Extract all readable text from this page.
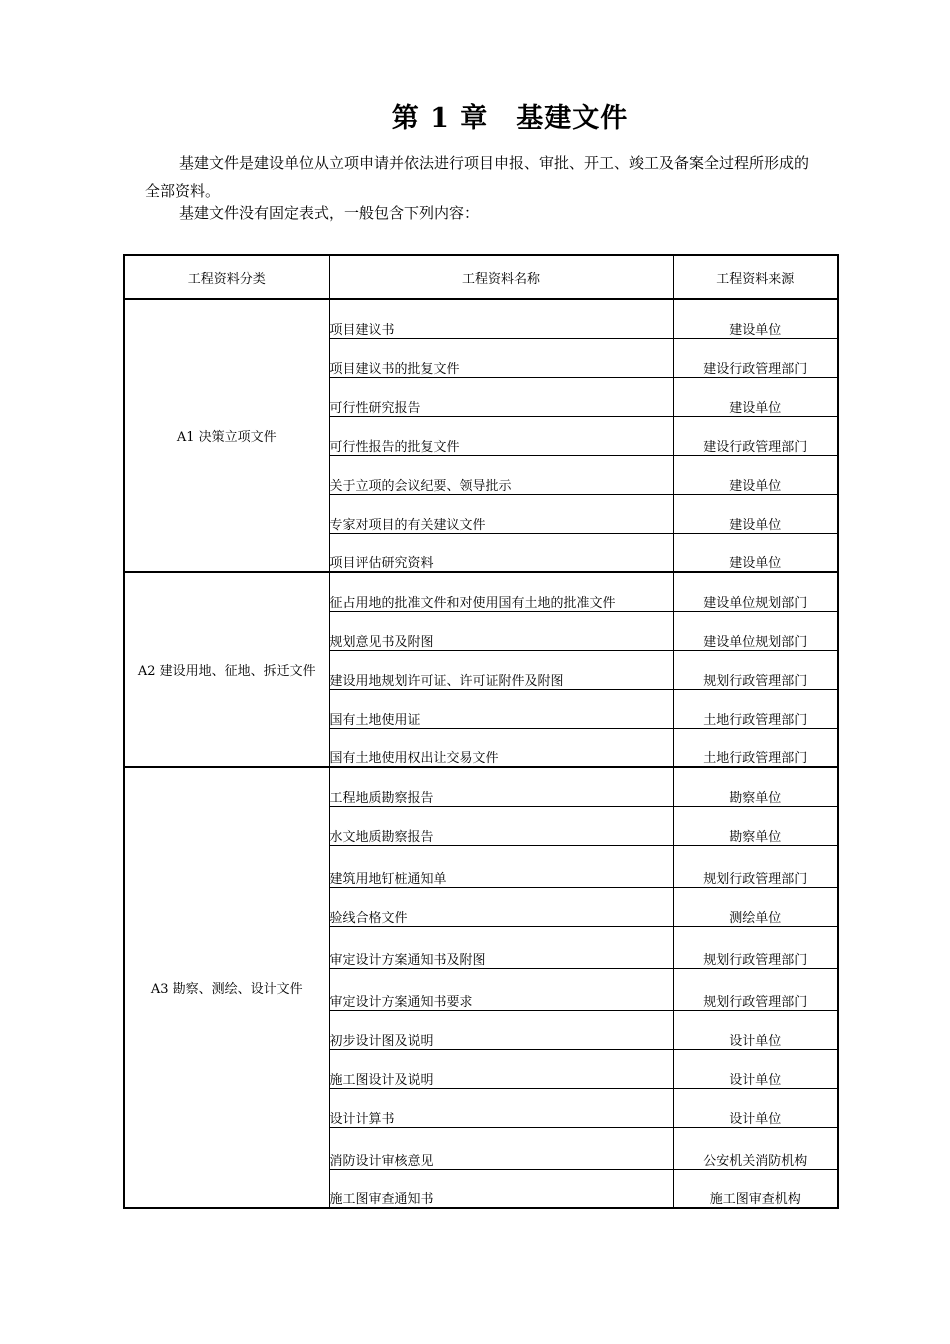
第 1 章 基建文件
基建文件是建设单位从立项申请并依法进行项目申报、审批、开工、竣工及备案全过程所形成的全部资料。
基建文件没有固定表式，一般包含下列内容：
工程资料分类	工程资料名称	工程资料来源
A1 决策立项文件	项目建议书	建设单位
	项目建议书的批复文件	建设行政管理部门
	可行性研究报告	建设单位
	可行性报告的批复文件	建设行政管理部门
	关于立项的会议纪要、领导批示	建设单位
	专家对项目的有关建议文件	建设单位
	项目评估研究资料	建设单位
A2 建设用地、征地、拆迁文件	征占用地的批准文件和对使用国有土地的批准文件	建设单位规划部门
	规划意见书及附图	建设单位规划部门
	建设用地规划许可证、许可证附件及附图	规划行政管理部门
	国有土地使用证	土地行政管理部门
	国有土地使用权出让交易文件	土地行政管理部门
A3 勘察、测绘、设计文件	工程地质勘察报告	勘察单位
	水文地质勘察报告	勘察单位
	建筑用地钉桩通知单	规划行政管理部门
	验线合格文件	测绘单位
	审定设计方案通知书及附图	规划行政管理部门
	审定设计方案通知书要求	规划行政管理部门
	初步设计图及说明	设计单位
	施工图设计及说明	设计单位
	设计计算书	设计单位
	消防设计审核意见	公安机关消防机构
	施工图审查通知书	施工图审查机构
